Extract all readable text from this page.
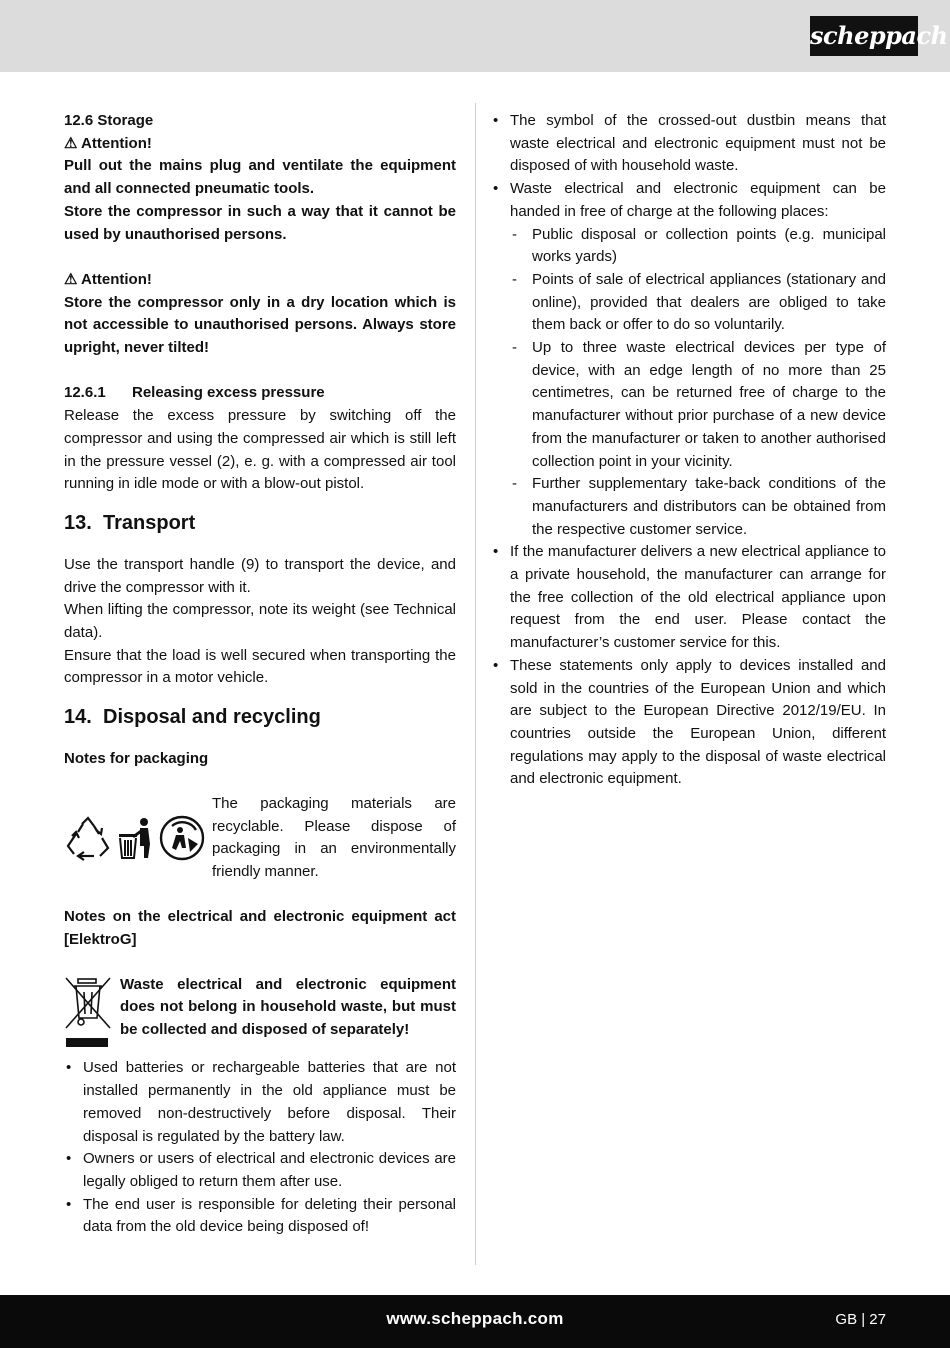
scheppach

12.6 Storage

⚠ Attention!

Pull out the mains plug and ventilate the equipment and all connected pneumatic tools.

Store the compressor in such a way that it cannot be used by unauthorised persons.

⚠ Attention!

Store the compressor only in a dry location which is not accessible to unauthorised persons. Always store upright, never tilted!

12.6.1 Releasing excess pressure

Release the excess pressure by switching off the compressor and using the compressed air which is still left in the pressure vessel (2), e. g. with a compressed air tool running in idle mode or with a blow-out pistol.

13. Transport

Use the transport handle (9) to transport the device, and drive the compressor with it.

When lifting the compressor, note its weight (see Technical data).

Ensure that the load is well secured when transporting the compressor in a motor vehicle.

14. Disposal and recycling

Notes for packaging

The packaging materials are recyclable. Please dispose of packaging in an environmentally friendly manner.

Notes on the electrical and electronic equipment act [ElektroG]

Waste electrical and electronic equipment does not belong in household waste, but must be collected and disposed of separately!

• Used batteries or rechargeable batteries that are not installed permanently in the old appliance must be removed non-destructively before disposal. Their disposal is regulated by the battery law.
• Owners or users of electrical and electronic devices are legally obliged to return them after use.
• The end user is responsible for deleting their personal data from the old device being disposed of!
• The symbol of the crossed-out dustbin means that waste electrical and electronic equipment must not be disposed of with household waste.
• Waste electrical and electronic equipment can be handed in free of charge at the following places:
- Public disposal or collection points (e.g. municipal works yards)
- Points of sale of electrical appliances (stationary and online), provided that dealers are obliged to take them back or offer to do so voluntarily.
- Up to three waste electrical devices per type of device, with an edge length of no more than 25 centimetres, can be returned free of charge to the manufacturer without prior purchase of a new device from the manufacturer or taken to another authorised collection point in your vicinity.
- Further supplementary take-back conditions of the manufacturers and distributors can be obtained from the respective customer service.
• If the manufacturer delivers a new electrical appliance to a private household, the manufacturer can arrange for the free collection of the old electrical appliance upon request from the end user. Please contact the manufacturer’s customer service for this.
• These statements only apply to devices installed and sold in the countries of the European Union and which are subject to the European Directive 2012/19/EU. In countries outside the European Union, different regulations may apply to the disposal of waste electrical and electronic equipment.
www.scheppach.com	GB | 27
